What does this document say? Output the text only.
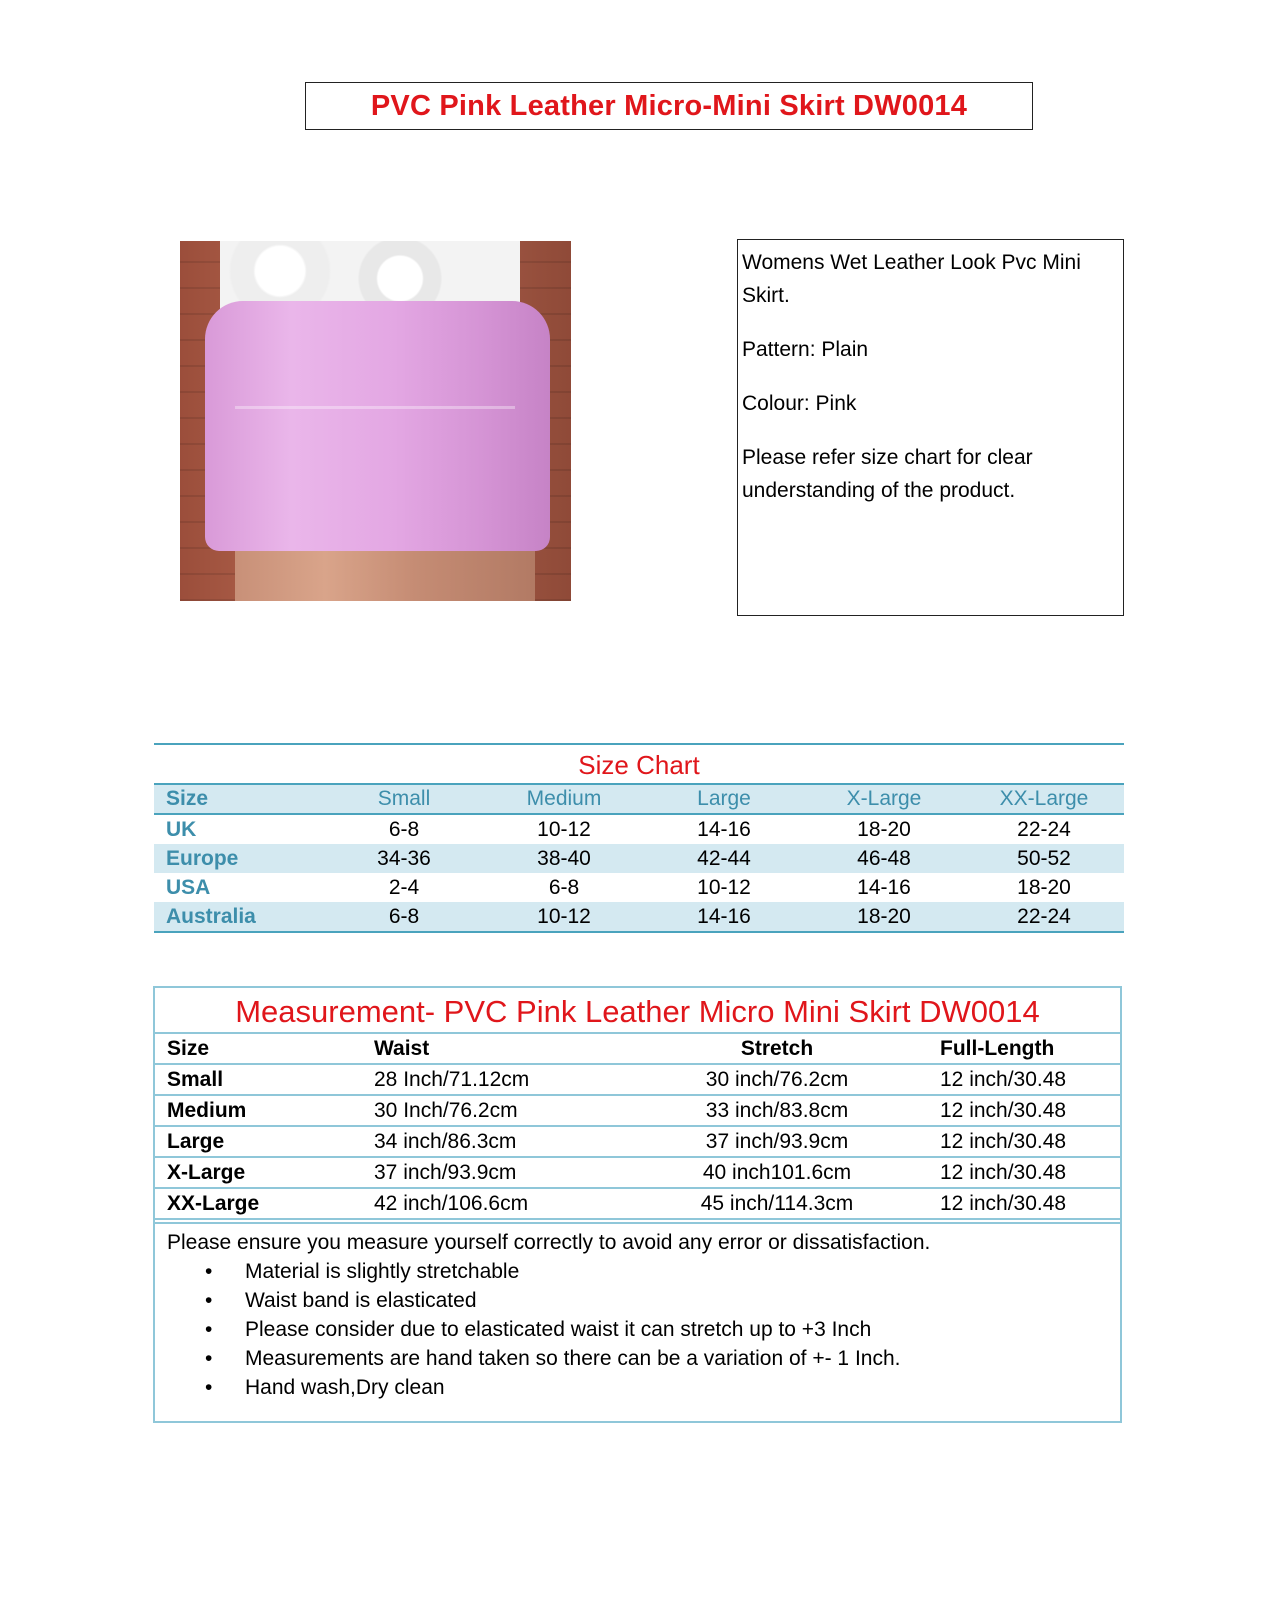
PVC Pink Leather Micro-Mini Skirt DW0014

Womens Wet Leather Look Pvc Mini Skirt.

Pattern: Plain

Colour: Pink

Please refer size chart for clear understanding of the product.

Size Chart
Size	Small	Medium	Large	X-Large	XX-Large
UK	6-8	10-12	14-16	18-20	22-24
Europe	34-36	38-40	42-44	46-48	50-52
USA	2-4	6-8	10-12	14-16	18-20
Australia	6-8	10-12	14-16	18-20	22-24
Measurement- PVC Pink Leather Micro Mini Skirt DW0014
Size	Waist	Stretch	Full-Length
Small	28 Inch/71.12cm	30 inch/76.2cm	12 inch/30.48
Medium	30 Inch/76.2cm	33 inch/83.8cm	12 inch/30.48
Large	34 inch/86.3cm	37 inch/93.9cm	12 inch/30.48
X-Large	37 inch/93.9cm	40 inch101.6cm	12 inch/30.48
XX-Large	42 inch/106.6cm	45 inch/114.3cm	12 inch/30.48
Please ensure you measure yourself correctly to avoid any error or dissatisfaction.
• Material is slightly stretchable
• Waist band is elasticated
• Please consider due to elasticated waist it can stretch up to +3 Inch
• Measurements are hand taken so there can be a variation of +- 1 Inch.
• Hand wash,Dry clean
